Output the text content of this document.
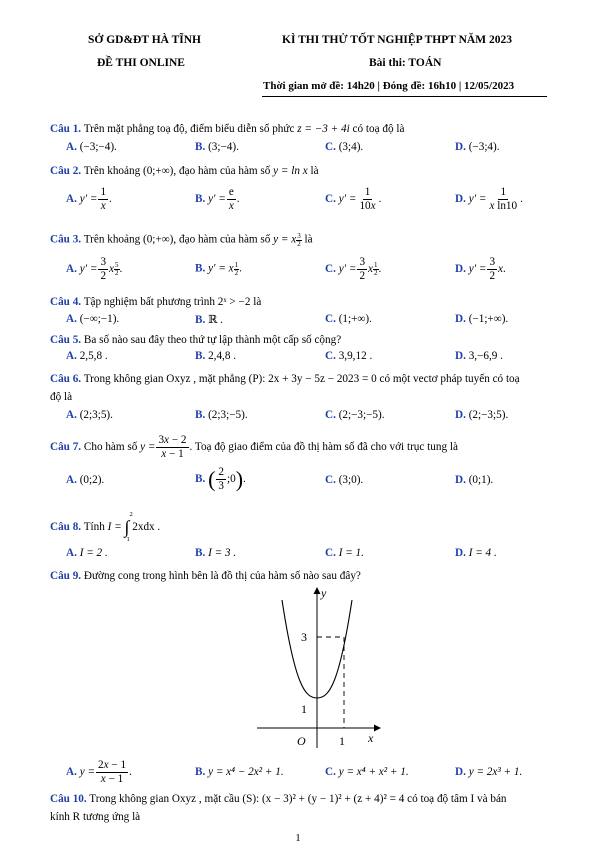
SỞ GD&ĐT HÀ TĨNH	KÌ THI THỬ TỐT NGHIỆP THPT NĂM 2023
ĐỀ THI ONLINE	Bài thi: TOÁN
Thời gian mở đề: 14h20 | Đóng đề: 16h10 | 12/05/2023
Câu 1. Trên mặt phẳng toạ độ, điểm biểu diễn số phức z = −3 + 4i có toạ độ là
A. (−3;−4).	B. (3;−4).	C. (3;4).	D. (−3;4).
Câu 2. Trên khoảng (0;+∞), đạo hàm của hàm số y = ln x là
A. $y' = \frac{1}{x}$ .	B. $y' = \frac{e}{x}$ .	C. $y' = \frac{1}{10x}$ .	D. $y' = \frac{1}{\text{x ln10}}$ .
Câu 3. Trên khoảng (0;+∞), đạo hàm của hàm số y = x $\frac{3}{2}$ là
A. $y' = \frac{3}{2}$ x $\frac{5}{2}$ .	B. y′ = x $\frac{1}{2}$ .	C. $y' = \frac{3}{2}$ x $\frac{1}{2}$ .	D. $y' = \frac{3}{2} x$.
Câu 4. Tập nghiệm bất phương trình 2ˣ > −2 là
A. (−∞;−1).	B. ℝ .	C. (1;+∞).	D. (−1;+∞).
Câu 5. Ba số nào sau đây theo thứ tự lập thành một cấp số cộng?
A. 2,5,8 .	B. 2,4,8 .	C. 3,9,12 .	D. 3,−6,9 .
Câu 6. Trong không gian Oxyz , mặt phẳng (P): 2x + 3y − 5z − 2023 = 0 có một vectơ pháp tuyến có toạ
độ là
A. (2;3;5).	B. (2;3;−5).	C. (2;−3;−5).	D. (2;−3;5).
Câu 7. Cho hàm số $y = \frac{3x - 2}{x - 1}$ . Toạ độ giao điểm của đồ thị hàm số đã cho với trục tung là
A. (0;2).	B. ( $\frac{2}{3}$ ;0).	C. (3;0).	D. (0;1).
Câu 8. Tính I = ∫
2
1
2xdx .
A. I = 2 .	B. I = 3 .	C. I = 1.	D. I = 4 .
Câu 9. Đường cong trong hình bên là đồ thị của hàm số nào sau đây?
y
x
O	1
1
3
A. $y = \frac{2x - 1}{x - 1}$ .	B. y = x⁴ − 2x² + 1.	C. y = x⁴ + x² + 1.	D. y = 2x³ + 1.
Câu 10. Trong không gian Oxyz , mặt cầu (S): (x − 3)² + (y − 1)² + (z + 4)² = 4 có toạ độ tâm I và bán
kính R tương ứng là
1
